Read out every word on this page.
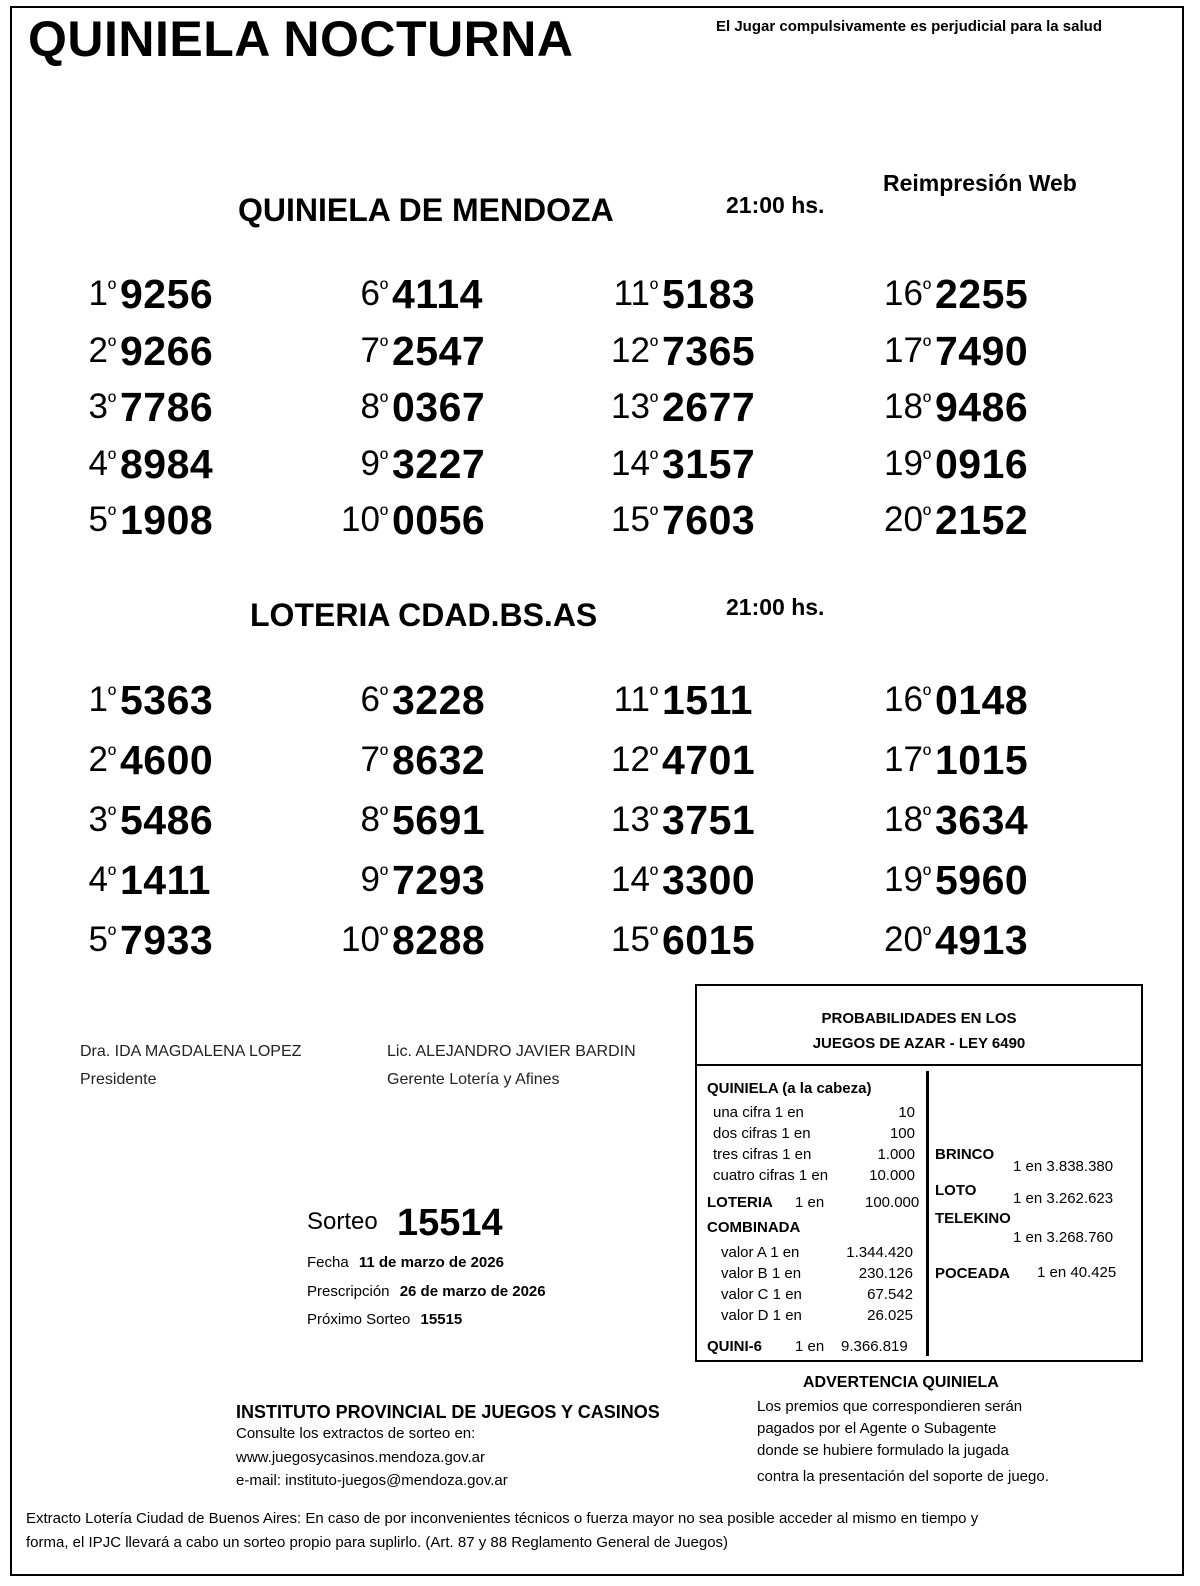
QUINIELA NOCTURNA	El Jugar compulsivamente es perjudicial para la salud
Reimpresión Web
QUINIELA DE MENDOZA	21:00 hs.
$1^º$ 9256
$2^º$ 9266
$3^º$ 7786
$4^º$ 8984
$5^º$ 1908
$6^º$ 4114
$7^º$ 2547
$8^º$ 0367
$9^º$ 3227
$10^º$ 0056
$11^º$ 5183
$12^º$ 7365
$13^º$ 2677
$14^º$ 3157
$15^º$ 7603
$16^º$ 2255
$17^º$ 7490
$18^º$ 9486
$19^º$ 0916
$20^º$ 2152
LOTERIA CDAD.BS.AS	21:00 hs.
$1^º$ 5363
$2^º$ 4600
$3^º$ 5486
$4^º$ 1411
$5^º$ 7933
$6^º$ 3228
$7^º$ 8632
$8^º$ 5691
$9^º$ 7293
$10^º$ 8288
$11^º$ 1511
$12^º$ 4701
$13^º$ 3751
$14^º$ 3300
$15^º$ 6015
$16^º$ 0148
$17^º$ 1015
$18^º$ 3634
$19^º$ 5960
$20^º$ 4913
Dra. IDA MAGDALENA LOPEZ
Presidente
Lic. ALEJANDRO JAVIER BARDIN
Gerente Lotería y Afines
Sorteo 15514
Fecha 11 de marzo de 2026
Prescripción 26 de marzo de 2026
Próximo Sorteo 15515
PROBABILIDADES EN LOS
JUEGOS DE AZAR - LEY 6490
QUINIELA (a la cabeza)
una cifra 1 en	10
dos cifras 1 en	100
tres cifras 1 en	1.000
cuatro cifras 1 en	10.000
LOTERIA 1 en	100.000
COMBINADA
valor A 1 en	1.344.420
valor B 1 en	230.126
valor C 1 en	67.542
valor D 1 en	26.025
QUINI-6 1 en 9.366.819
BRINCO
1 en 3.838.380
LOTO 1 en 3.262.623
TELEKINO
1 en 3.268.760
POCEADA 1 en 40.425
ADVERTENCIA QUINIELA
Los premios que correspondieren serán
pagados por el Agente o Subagente
donde se hubiere formulado la jugada
contra la presentación del soporte de juego.
INSTITUTO PROVINCIAL DE JUEGOS Y CASINOS
Consulte los extractos de sorteo en:
www.juegosycasinos.mendoza.gov.ar
e-mail: instituto-juegos@mendoza.gov.ar
Extracto Lotería Ciudad de Buenos Aires: En caso de por inconvenientes técnicos o fuerza mayor no sea posible acceder al mismo en tiempo y
forma, el IPJC llevará a cabo un sorteo propio para suplirlo. (Art. 87 y 88 Reglamento General de Juegos)
